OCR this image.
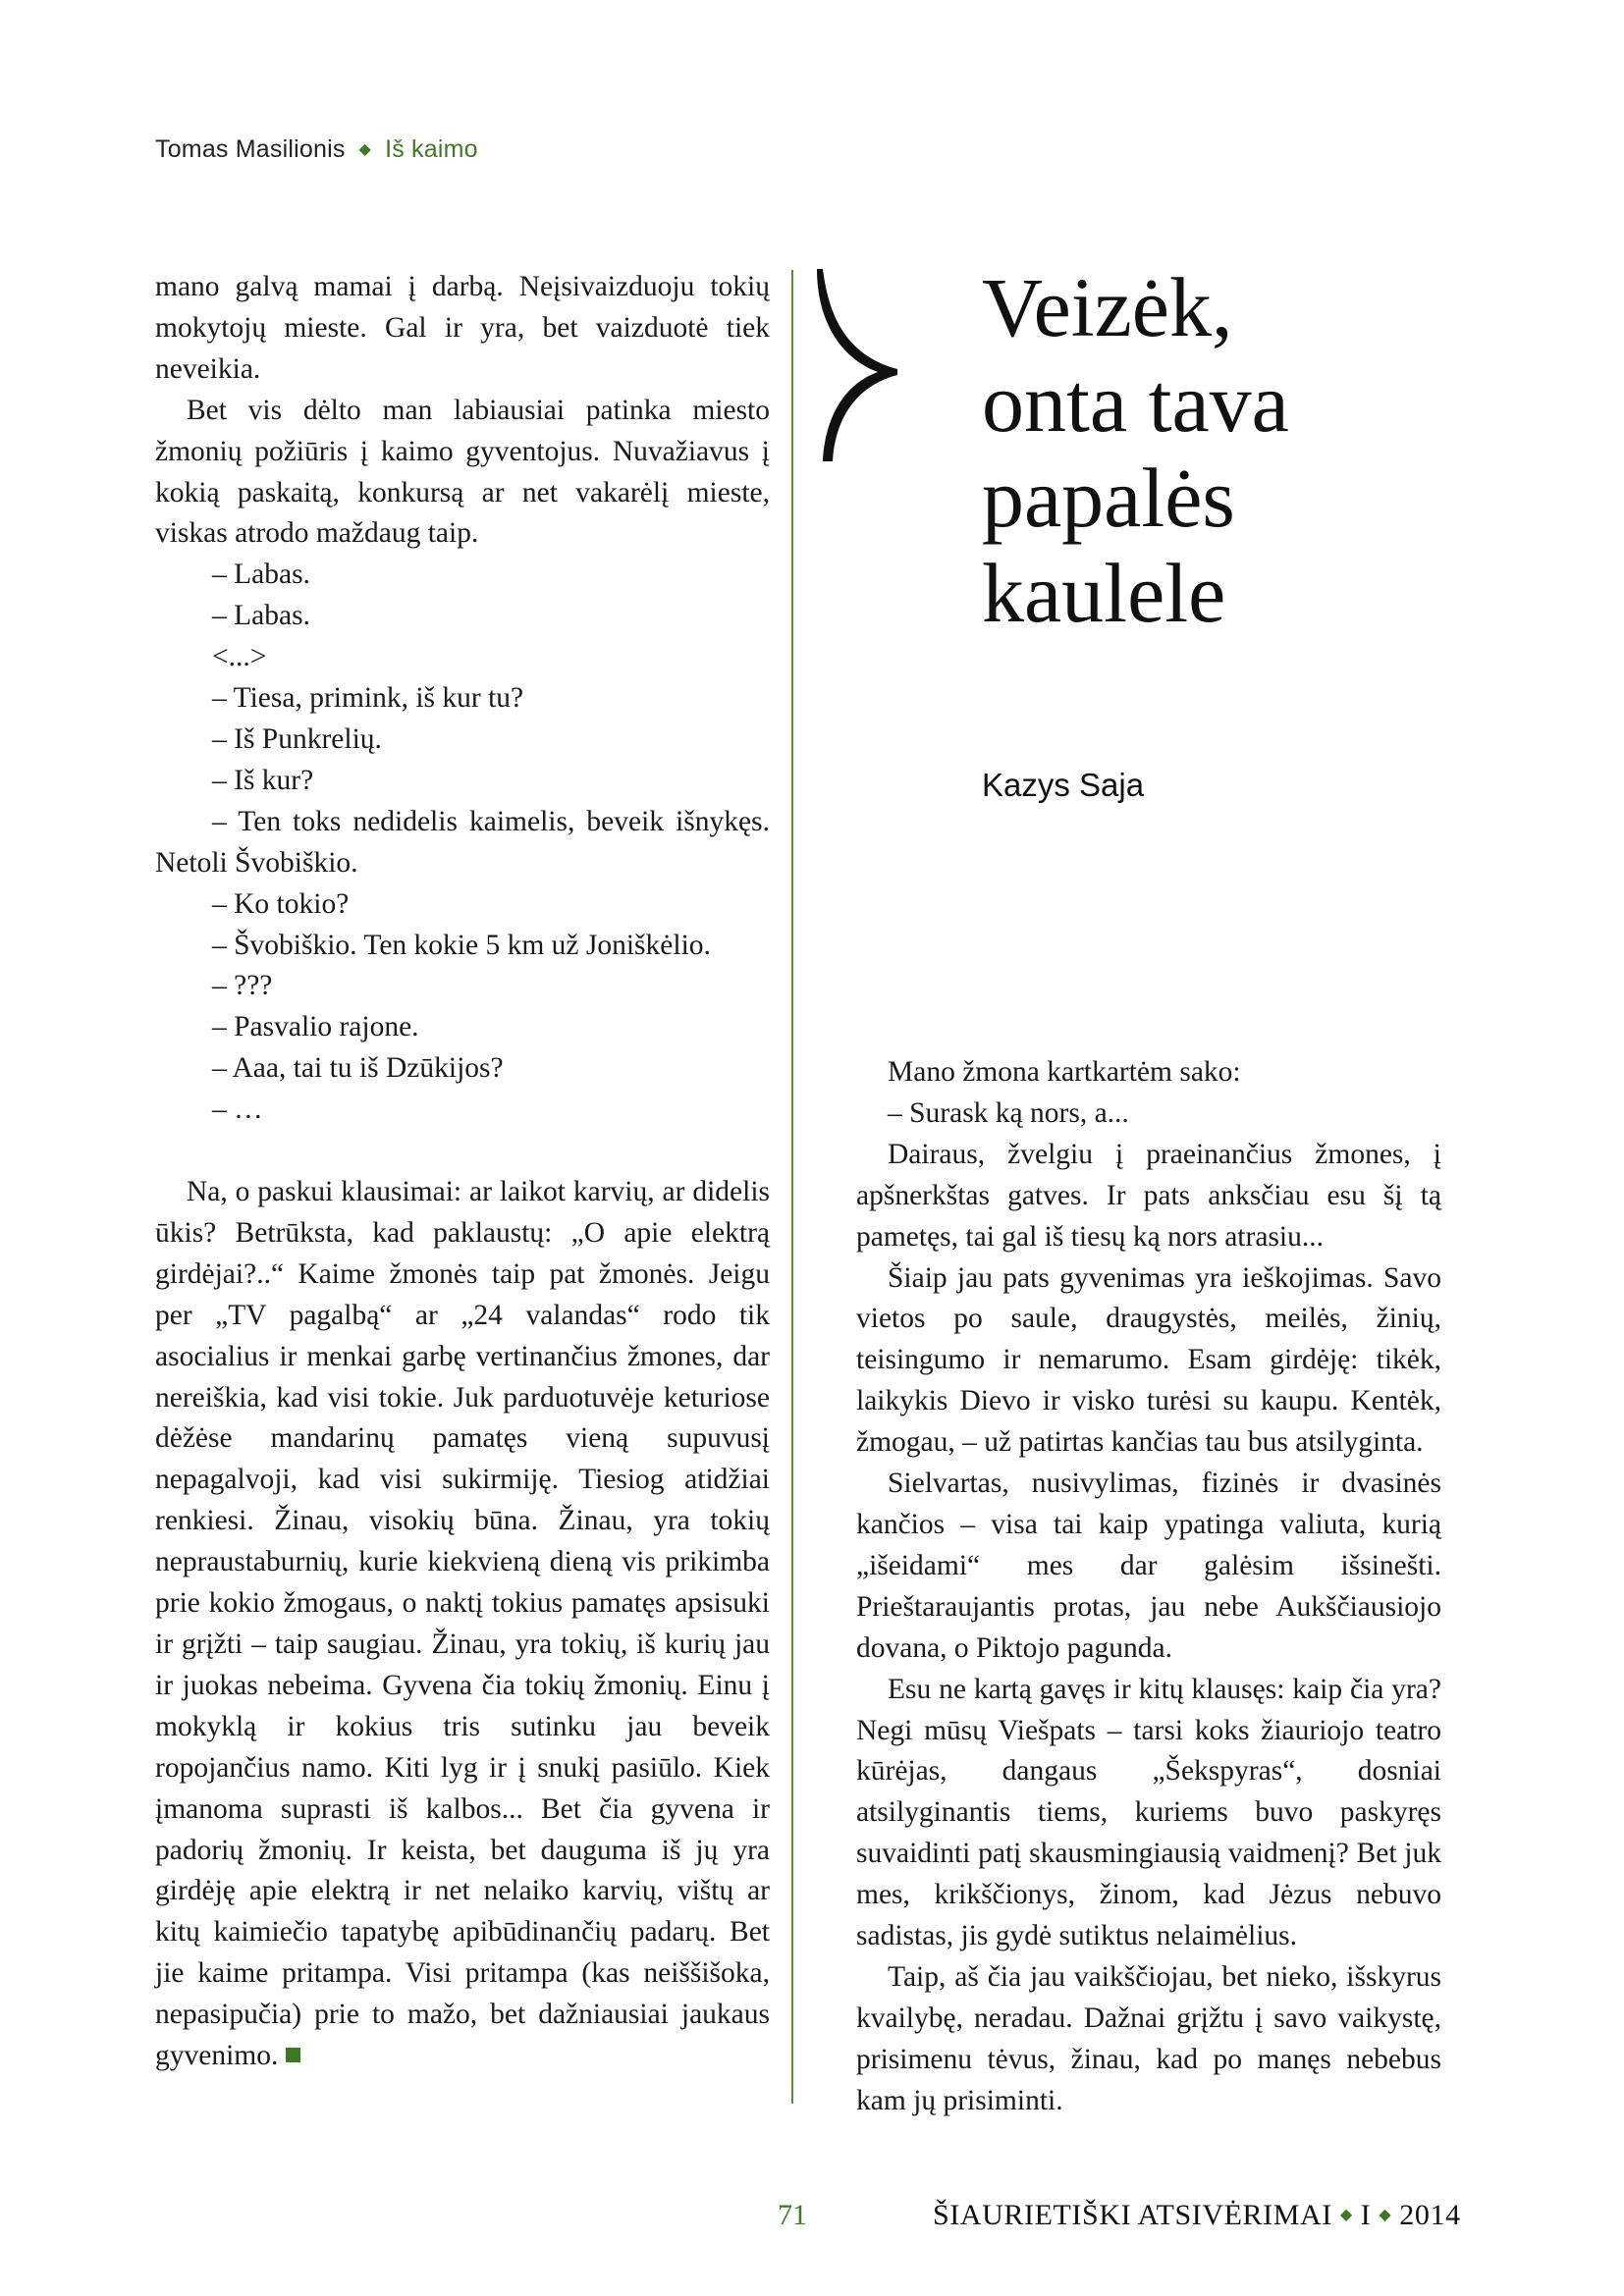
Tomas Masilionis ◆ Iš kaimo

mano galvą mamai į darbą. Neįsivaizduoju tokių mokytojų mieste. Gal ir yra, bet vaizduotė tiek neveikia.

Bet vis dėlto man labiausiai patinka miesto žmonių požiūris į kaimo gyventojus. Nuvažiavus į kokią paskaitą, konkursą ar net vakarėlį mieste, viskas atrodo maždaug taip.

– Labas.

– Labas.

<...>

– Tiesa, primink, iš kur tu?

– Iš Punkrelių.

– Iš kur?

– Ten toks nedidelis kaimelis, beveik išnykęs. Netoli Švobiškio.

– Ko tokio?

– Švobiškio. Ten kokie 5 km už Joniškėlio.

– ???

– Pasvalio rajone.

– Aaa, tai tu iš Dzūkijos?

– …

Na, o paskui klausimai: ar laikot karvių, ar didelis ūkis? Betrūksta, kad paklaustų: „O apie elektrą girdėjai?..“ Kaime žmonės taip pat žmonės. Jeigu per „TV pagalbą“ ar „24 valandas“ rodo tik asocialius ir menkai garbę vertinančius žmones, dar nereiškia, kad visi tokie. Juk parduotuvėje keturiose dėžėse mandarinų pamatęs vieną supuvusį nepagalvoji, kad visi sukirmiję. Tiesiog atidžiai renkiesi. Žinau, visokių būna. Žinau, yra tokių nepraustaburnių, kurie kiekvieną dieną vis prikimba prie kokio žmogaus, o naktį tokius pamatęs apsisuki ir grįžti – taip saugiau. Žinau, yra tokių, iš kurių jau ir juokas nebeima. Gyvena čia tokių žmonių. Einu į mokyklą ir kokius tris sutinku jau beveik ropojančius namo. Kiti lyg ir į snukį pasiūlo. Kiek įmanoma suprasti iš kalbos... Bet čia gyvena ir padorių žmonių. Ir keista, bet dauguma iš jų yra girdėję apie elektrą ir net nelaiko karvių, vištų ar kitų kaimiečio tapatybę apibūdinančių padarų. Bet jie kaime pritampa. Visi pritampa (kas neiššišoka, nepasipučia) prie to mažo, bet dažniausiai jaukaus gyvenimo.

Veizėk,
onta tava
papalės
kaulele
Kazys Saja

Mano žmona kartkartėm sako:

– Surask ką nors, a...

Dairaus, žvelgiu į praeinančius žmones, į apšnerkštas gatves. Ir pats anksčiau esu šį tą pametęs, tai gal iš tiesų ką nors atrasiu...

Šiaip jau pats gyvenimas yra ieškojimas. Savo vietos po saule, draugystės, meilės, žinių, teisingumo ir nemarumo. Esam girdėję: tikėk, laikykis Dievo ir visko turėsi su kaupu. Kentėk, žmogau, – už patirtas kančias tau bus atsilyginta.

Sielvartas, nusivylimas, fizinės ir dvasinės kančios – visa tai kaip ypatinga valiuta, kurią „išeidami“ mes dar galėsim išsinešti. Prieštaraujantis protas, jau nebe Aukščiausiojo dovana, o Piktojo pagunda.

Esu ne kartą gavęs ir kitų klausęs: kaip čia yra? Negi mūsų Viešpats – tarsi koks žiauriojo teatro kūrėjas, dangaus „Šekspyras“, dosniai atsilyginantis tiems, kuriems buvo paskyręs suvaidinti patį skausmingiausią vaidmenį? Bet juk mes, krikščionys, žinom, kad Jėzus nebuvo sadistas, jis gydė sutiktus nelaimėlius.

Taip, aš čia jau vaikščiojau, bet nieko, išskyrus kvailybę, neradau. Dažnai grįžtu į savo vaikystę, prisimenu tėvus, žinau, kad po manęs nebebus kam jų prisiminti.

71	ŠIAURIETIŠKI ATSIVĖRIMAI ◆ I ◆ 2014
